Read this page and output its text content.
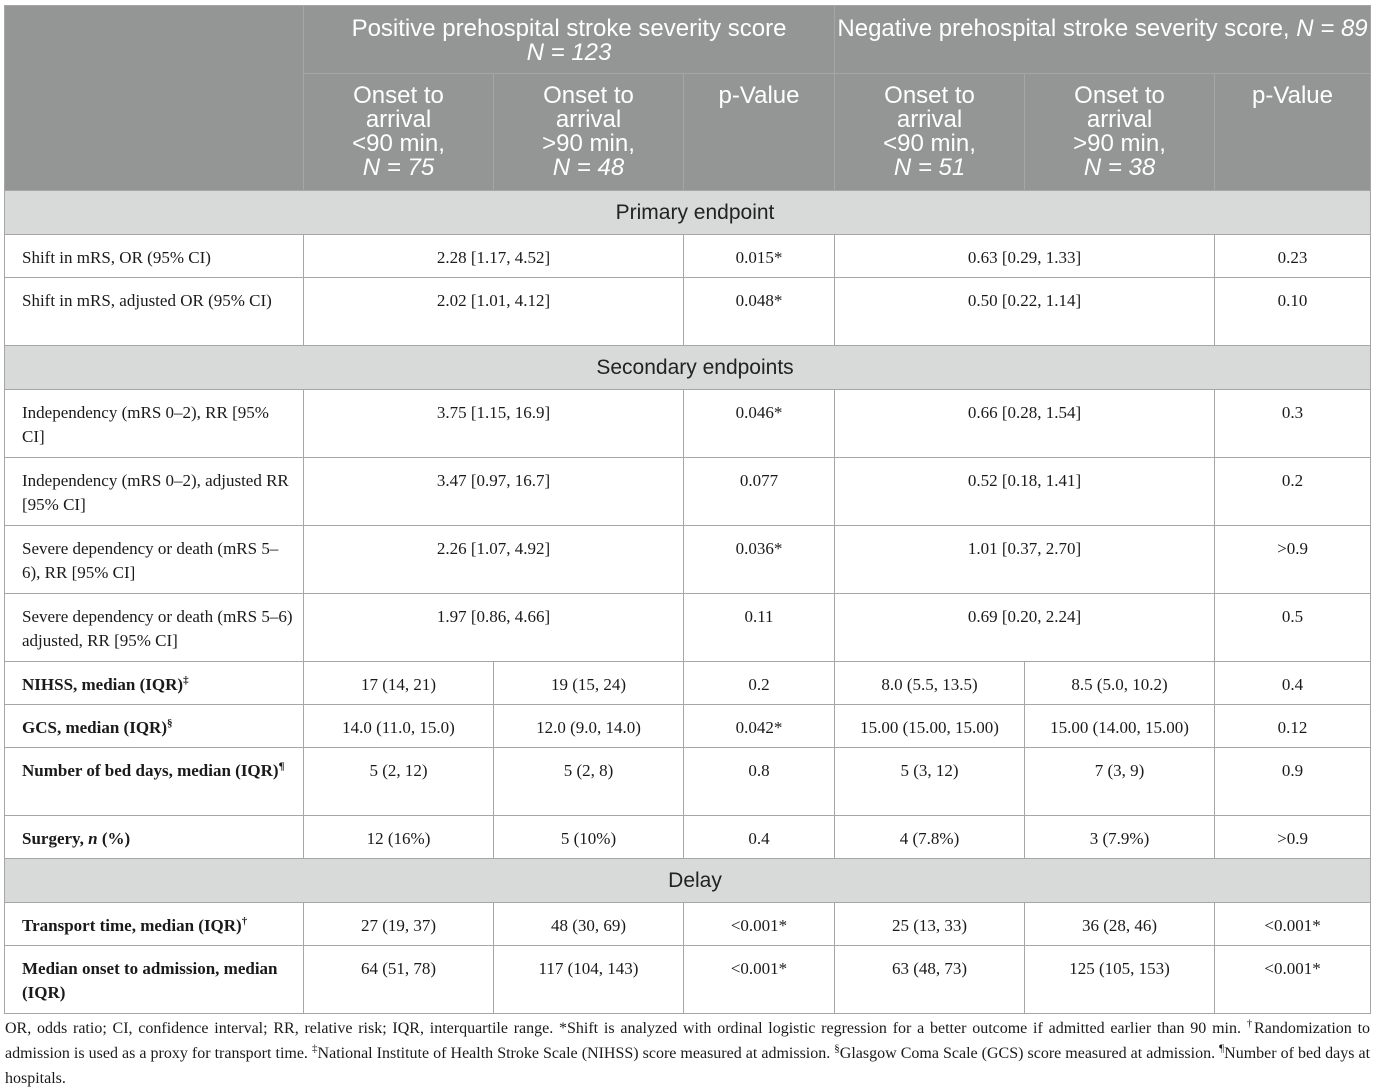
	Positive prehospital stroke severity score
N = 123			Negative prehospital stroke severity score, N = 89		
	Onset to
arrival
<90 min,
N = 75	Onset to
arrival
>90 min,
N = 48	p-Value	Onset to
arrival
<90 min,
N = 51	Onset to
arrival
>90 min,
N = 38	p-Value
Primary endpoint						
Shift in mRS, OR (95% CI)	2.28 [1.17, 4.52]		0.015*	0.63 [0.29, 1.33]		0.23
Shift in mRS, adjusted OR (95% CI)	2.02 [1.01, 4.12]		0.048*	0.50 [0.22, 1.14]		0.10
Secondary endpoints						
Independency (mRS 0–2), RR [95% CI]	3.75 [1.15, 16.9]		0.046*	0.66 [0.28, 1.54]		0.3
Independency (mRS 0–2), adjusted RR [95% CI]	3.47 [0.97, 16.7]		0.077	0.52 [0.18, 1.41]		0.2
Severe dependency or death (mRS 5–6), RR [95% CI]	2.26 [1.07, 4.92]		0.036*	1.01 [0.37, 2.70]		>0.9
Severe dependency or death (mRS 5–6) adjusted, RR [95% CI]	1.97 [0.86, 4.66]		0.11	0.69 [0.20, 2.24]		0.5
NIHSS, median (IQR)‡	17 (14, 21)	19 (15, 24)	0.2	8.0 (5.5, 13.5)	8.5 (5.0, 10.2)	0.4
GCS, median (IQR)§	14.0 (11.0, 15.0)	12.0 (9.0, 14.0)	0.042*	15.00 (15.00, 15.00)	15.00 (14.00, 15.00)	0.12
Number of bed days, median (IQR)¶	5 (2, 12)	5 (2, 8)	0.8	5 (3, 12)	7 (3, 9)	0.9
Surgery, n (%)	12 (16%)	5 (10%)	0.4	4 (7.8%)	3 (7.9%)	>0.9
Delay						
Transport time, median (IQR)†	27 (19, 37)	48 (30, 69)	<0.001*	25 (13, 33)	36 (28, 46)	<0.001*
Median onset to admission, median (IQR)	64 (51, 78)	117 (104, 143)	<0.001*	63 (48, 73)	125 (105, 153)	<0.001*

OR, odds ratio; CI, confidence interval; RR, relative risk; IQR, interquartile range. *Shift is analyzed with ordinal logistic regression for a better outcome if admitted earlier than 90 min. †Randomization to admission is used as a proxy for transport time. ‡National Institute of Health Stroke Scale (NIHSS) score measured at admission. §Glasgow Coma Scale (GCS) score measured at admission. ¶Number of bed days at hospitals.
